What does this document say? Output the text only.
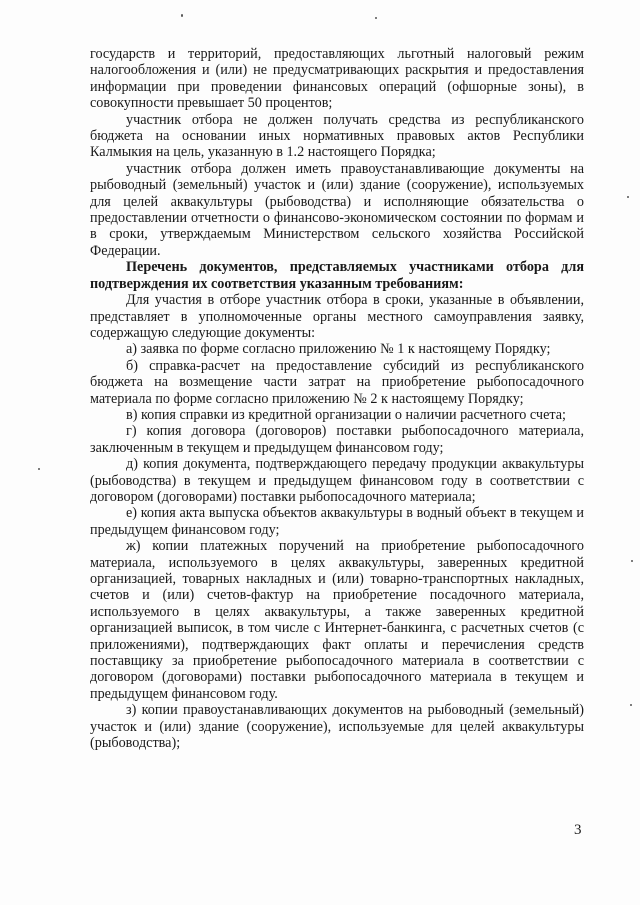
государств и территорий, предоставляющих льготный налоговый режим налогообложения и (или) не предусматривающих раскрытия и предоставления информации при проведении финансовых операций (офшорные зоны), в совокупности превышает 50 процентов;

участник отбора не должен получать средства из республиканского бюджета на основании иных нормативных правовых актов Республики Калмыкия на цель, указанную в 1.2 настоящего Порядка;

участник отбора должен иметь правоустанавливающие документы на рыбоводный (земельный) участок и (или) здание (сооружение), используемых для целей аквакультуры (рыбоводства) и исполняющие обязательства о предоставлении отчетности о финансово-экономическом состоянии по формам и в сроки, утверждаемым Министерством сельского хозяйства Российской Федерации.

Перечень документов, представляемых участниками отбора для подтверждения их соответствия указанным требованиям:

Для участия в отборе участник отбора в сроки, указанные в объявлении, представляет в уполномоченные органы местного самоуправления заявку, содержащую следующие документы:

а) заявка по форме согласно приложению № 1 к настоящему Порядку;

б) справка-расчет на предоставление субсидий из республиканского бюджета на возмещение части затрат на приобретение рыбопосадочного материала по форме согласно приложению № 2 к настоящему Порядку;

в) копия справки из кредитной организации о наличии расчетного счета;

г) копия договора (договоров) поставки рыбопосадочного материала, заключенным в текущем и предыдущем финансовом году;

д) копия документа, подтверждающего передачу продукции аквакультуры (рыбоводства) в текущем и предыдущем финансовом году в соответствии с договором (договорами) поставки рыбопосадочного материала;

е) копия акта выпуска объектов аквакультуры в водный объект в текущем и предыдущем финансовом году;

ж) копии платежных поручений на приобретение рыбопосадочного материала, используемого в целях аквакультуры, заверенных кредитной организацией, товарных накладных и (или) товарно-транспортных накладных, счетов и (или) счетов-фактур на приобретение посадочного материала, используемого в целях аквакультуры, а также заверенных кредитной организацией выписок, в том числе с Интернет-банкинга, с расчетных счетов (с приложениями), подтверждающих факт оплаты и перечисления средств поставщику за приобретение рыбопосадочного материала в соответствии с договором (договорами) поставки рыбопосадочного материала в текущем и предыдущем финансовом году.

з) копии правоустанавливающих документов на рыбоводный (земельный) участок и (или) здание (сооружение), используемые для целей аквакультуры (рыбоводства);

3
